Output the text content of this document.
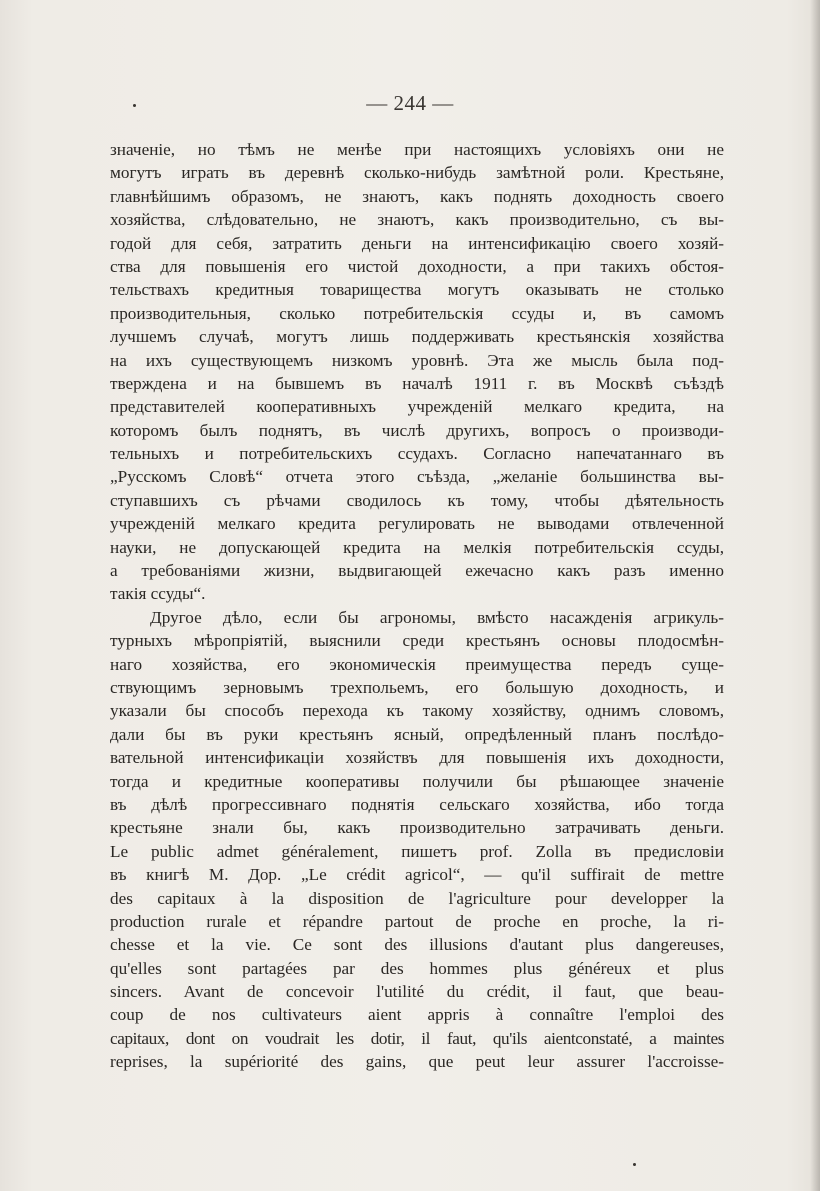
— 244 —
значеніе, но тѣмъ не менѣе при настоящихъ условіяхъ они не
могутъ играть въ деревнѣ сколько-нибудь замѣтной роли. Крестьяне,
главнѣйшимъ образомъ, не знаютъ, какъ поднять доходность своего
хозяйства, слѣдовательно, не знаютъ, какъ производительно, съ вы-
годой для себя, затратить деньги на интенсификацію своего хозяй-
ства для повышенія его чистой доходности, а при такихъ обстоя-
тельствахъ кредитныя товарищества могутъ оказывать не столько
производительныя, сколько потребительскія ссуды и, въ самомъ
лучшемъ случаѣ, могутъ лишь поддерживать крестьянскія хозяйства
на ихъ существующемъ низкомъ уровнѣ. Эта же мысль была под-
тверждена и на бывшемъ въ началѣ 1911 г. въ Москвѣ съѣздѣ
представителей кооперативныхъ учрежденій мелкаго кредита, на
которомъ былъ поднятъ, въ числѣ другихъ, вопросъ о производи-
тельныхъ и потребительскихъ ссудахъ. Согласно напечатаннаго въ
„Русскомъ Словѣ“ отчета этого съѣзда, „желаніе большинства вы-
ступавшихъ съ рѣчами сводилось къ тому, чтобы дѣятельность
учрежденій мелкаго кредита регулировать не выводами отвлеченной
науки, не допускающей кредита на мелкія потребительскія ссуды,
а требованіями жизни, выдвигающей ежечасно какъ разъ именно
такія ссуды“.
Другое дѣло, если бы агрономы, вмѣсто насажденія агрикуль-
турныхъ мѣропріятій, выяснили среди крестьянъ основы плодосмѣн-
наго хозяйства, его экономическія преимущества передъ суще-
ствующимъ зерновымъ трехпольемъ, его большую доходность, и
указали бы способъ перехода къ такому хозяйству, однимъ словомъ,
дали бы въ руки крестьянъ ясный, опредѣленный планъ послѣдо-
вательной интенсификаціи хозяйствъ для повышенія ихъ доходности,
тогда и кредитные кооперативы получили бы рѣшающее значеніе
въ дѣлѣ прогрессивнаго поднятія сельскаго хозяйства, ибо тогда
крестьяне знали бы, какъ производительно затрачивать деньги.
Le public admet généralement, пишетъ prof. Zolla въ предисловіи
въ книгѣ М. Дор. „Le crédit agricol“, — qu'il suffirait de mettre
des capitaux à la disposition de l'agriculture pour developper la
production rurale et répandre partout de proche en proche, la ri-
chesse et la vie. Ce sont des illusions d'autant plus dangereuses,
qu'elles sont partagées par des hommes plus généreux et plus
sincers. Avant de concevoir l'utilité du crédit, il faut, que beau-
coup de nos cultivateurs aient appris à connaître l'emploi des
capitaux, dont on voudrait les dotir, il faut, qu'ils aientconstaté, a maintes
reprises, la supériorité des gains, que peut leur assurer l'accroisse-
